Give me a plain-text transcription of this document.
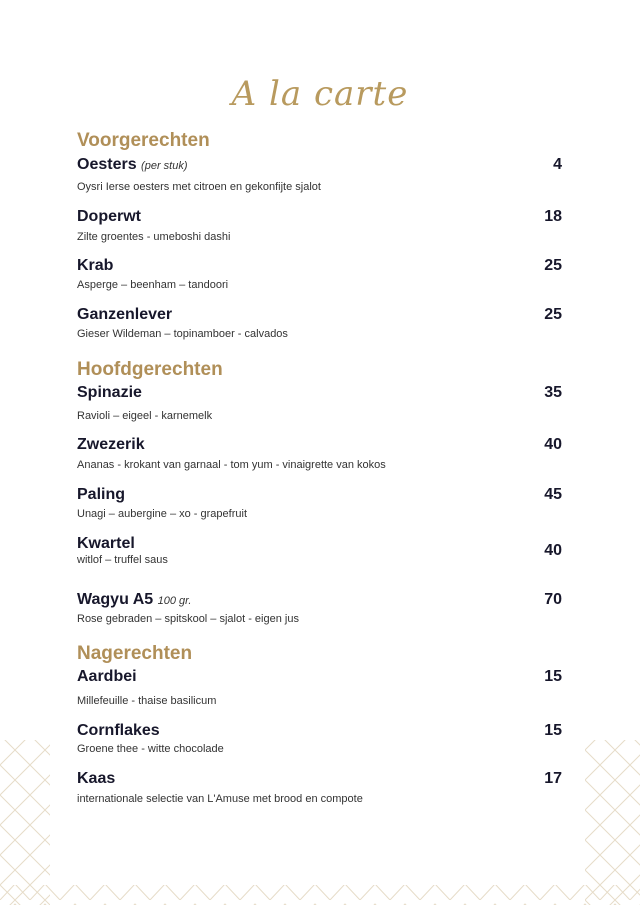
A la carte
Voorgerechten
Oesters (per stuk)
Oysri Ierse oesters met citroen en gekonfijte sjalot
4
Doperwt
Zilte groentes - umeboshi dashi
18
Krab
Asperge – beenham – tandoori
25
Ganzenlever
Gieser Wildeman – topinamboer - calvados
25
Hoofdgerechten
Spinazie
Ravioli – eigeel - karnemelk
35
Zwezerik
Ananas - krokant van garnaal - tom yum - vinaigrette van kokos
40
Paling
Unagi – aubergine – xo - grapefruit
45
Kwartel
witlof – truffel saus
40
Wagyu A5 100 gr.
Rose gebraden – spitskool – sjalot - eigen jus
70
Nagerechten
Aardbei
Millefeuille - thaise basilicum
15
Cornflakes
Groene thee - witte chocolade
15
Kaas
internationale selectie van L'Amuse met brood en compote
17
